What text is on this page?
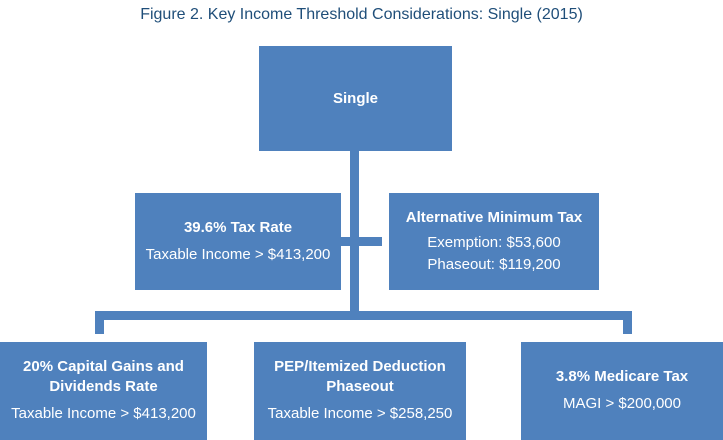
Figure 2. Key Income Threshold Considerations: Single (2015)
Single
39.6% Tax Rate
Taxable Income > $413,200
Alternative Minimum Tax
Exemption: $53,600
Phaseout: $119,200
20% Capital Gains and
Dividends Rate
Taxable Income > $413,200
PEP/Itemized Deduction
Phaseout
Taxable Income > $258,250
3.8% Medicare Tax
MAGI > $200,000
